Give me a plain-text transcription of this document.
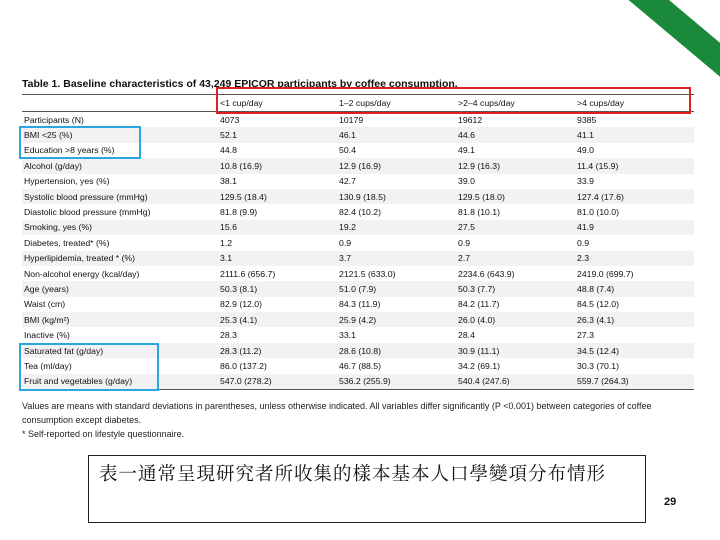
Table 1. Baseline characteristics of 43,249 EPICOR participants by coffee consumption.
	<1 cup/day	1–2 cups/day	>2–4 cups/day	>4 cups/day
Participants (N)	4073	10179	19612	9385
BMI <25 (%)	52.1	46.1	44.6	41.1
Education >8 years (%)	44.8	50.4	49.1	49.0
Alcohol (g/day)	10.8 (16.9)	12.9 (16.9)	12.9 (16.3)	11.4 (15.9)
Hypertension, yes (%)	38.1	42.7	39.0	33.9
Systolic blood pressure (mmHg)	129.5 (18.4)	130.9 (18.5)	129.5 (18.0)	127.4 (17.6)
Diastolic blood pressure (mmHg)	81.8 (9.9)	82.4 (10.2)	81.8 (10.1)	81.0 (10.0)
Smoking, yes (%)	15.6	19.2	27.5	41.9
Diabetes, treated* (%)	1.2	0.9	0.9	0.9
Hyperlipidemia, treated * (%)	3.1	3.7	2.7	2.3
Non-alcohol energy (kcal/day)	2111.6 (656.7)	2121.5 (633.0)	2234.6 (643.9)	2419.0 (699.7)
Age (years)	50.3 (8.1)	51.0 (7.9)	50.3 (7.7)	48.8 (7.4)
Waist (cm)	82.9 (12.0)	84.3 (11.9)	84.2 (11.7)	84.5 (12.0)
BMI (kg/m²)	25.3 (4.1)	25.9 (4.2)	26.0 (4.0)	26.3 (4.1)
Inactive (%)	28.3	33.1	28.4	27.3
Saturated fat (g/day)	28.3 (11.2)	28.6 (10.8)	30.9 (11.1)	34.5 (12.4)
Tea (ml/day)	86.0 (137.2)	46.7 (88.5)	34.2 (69.1)	30.3 (70.1)
Fruit and vegetables (g/day)	547.0 (278.2)	536.2 (255.9)	540.4 (247.6)	559.7 (264.3)
Values are means with standard deviations in parentheses, unless otherwise indicated. All variables differ significantly (P <0.001) between categories of coffee consumption except diabetes.
* Self-reported on lifestyle questionnaire.
表一通常呈現研究者所收集的樣本基本人口學變項分布情形
29
